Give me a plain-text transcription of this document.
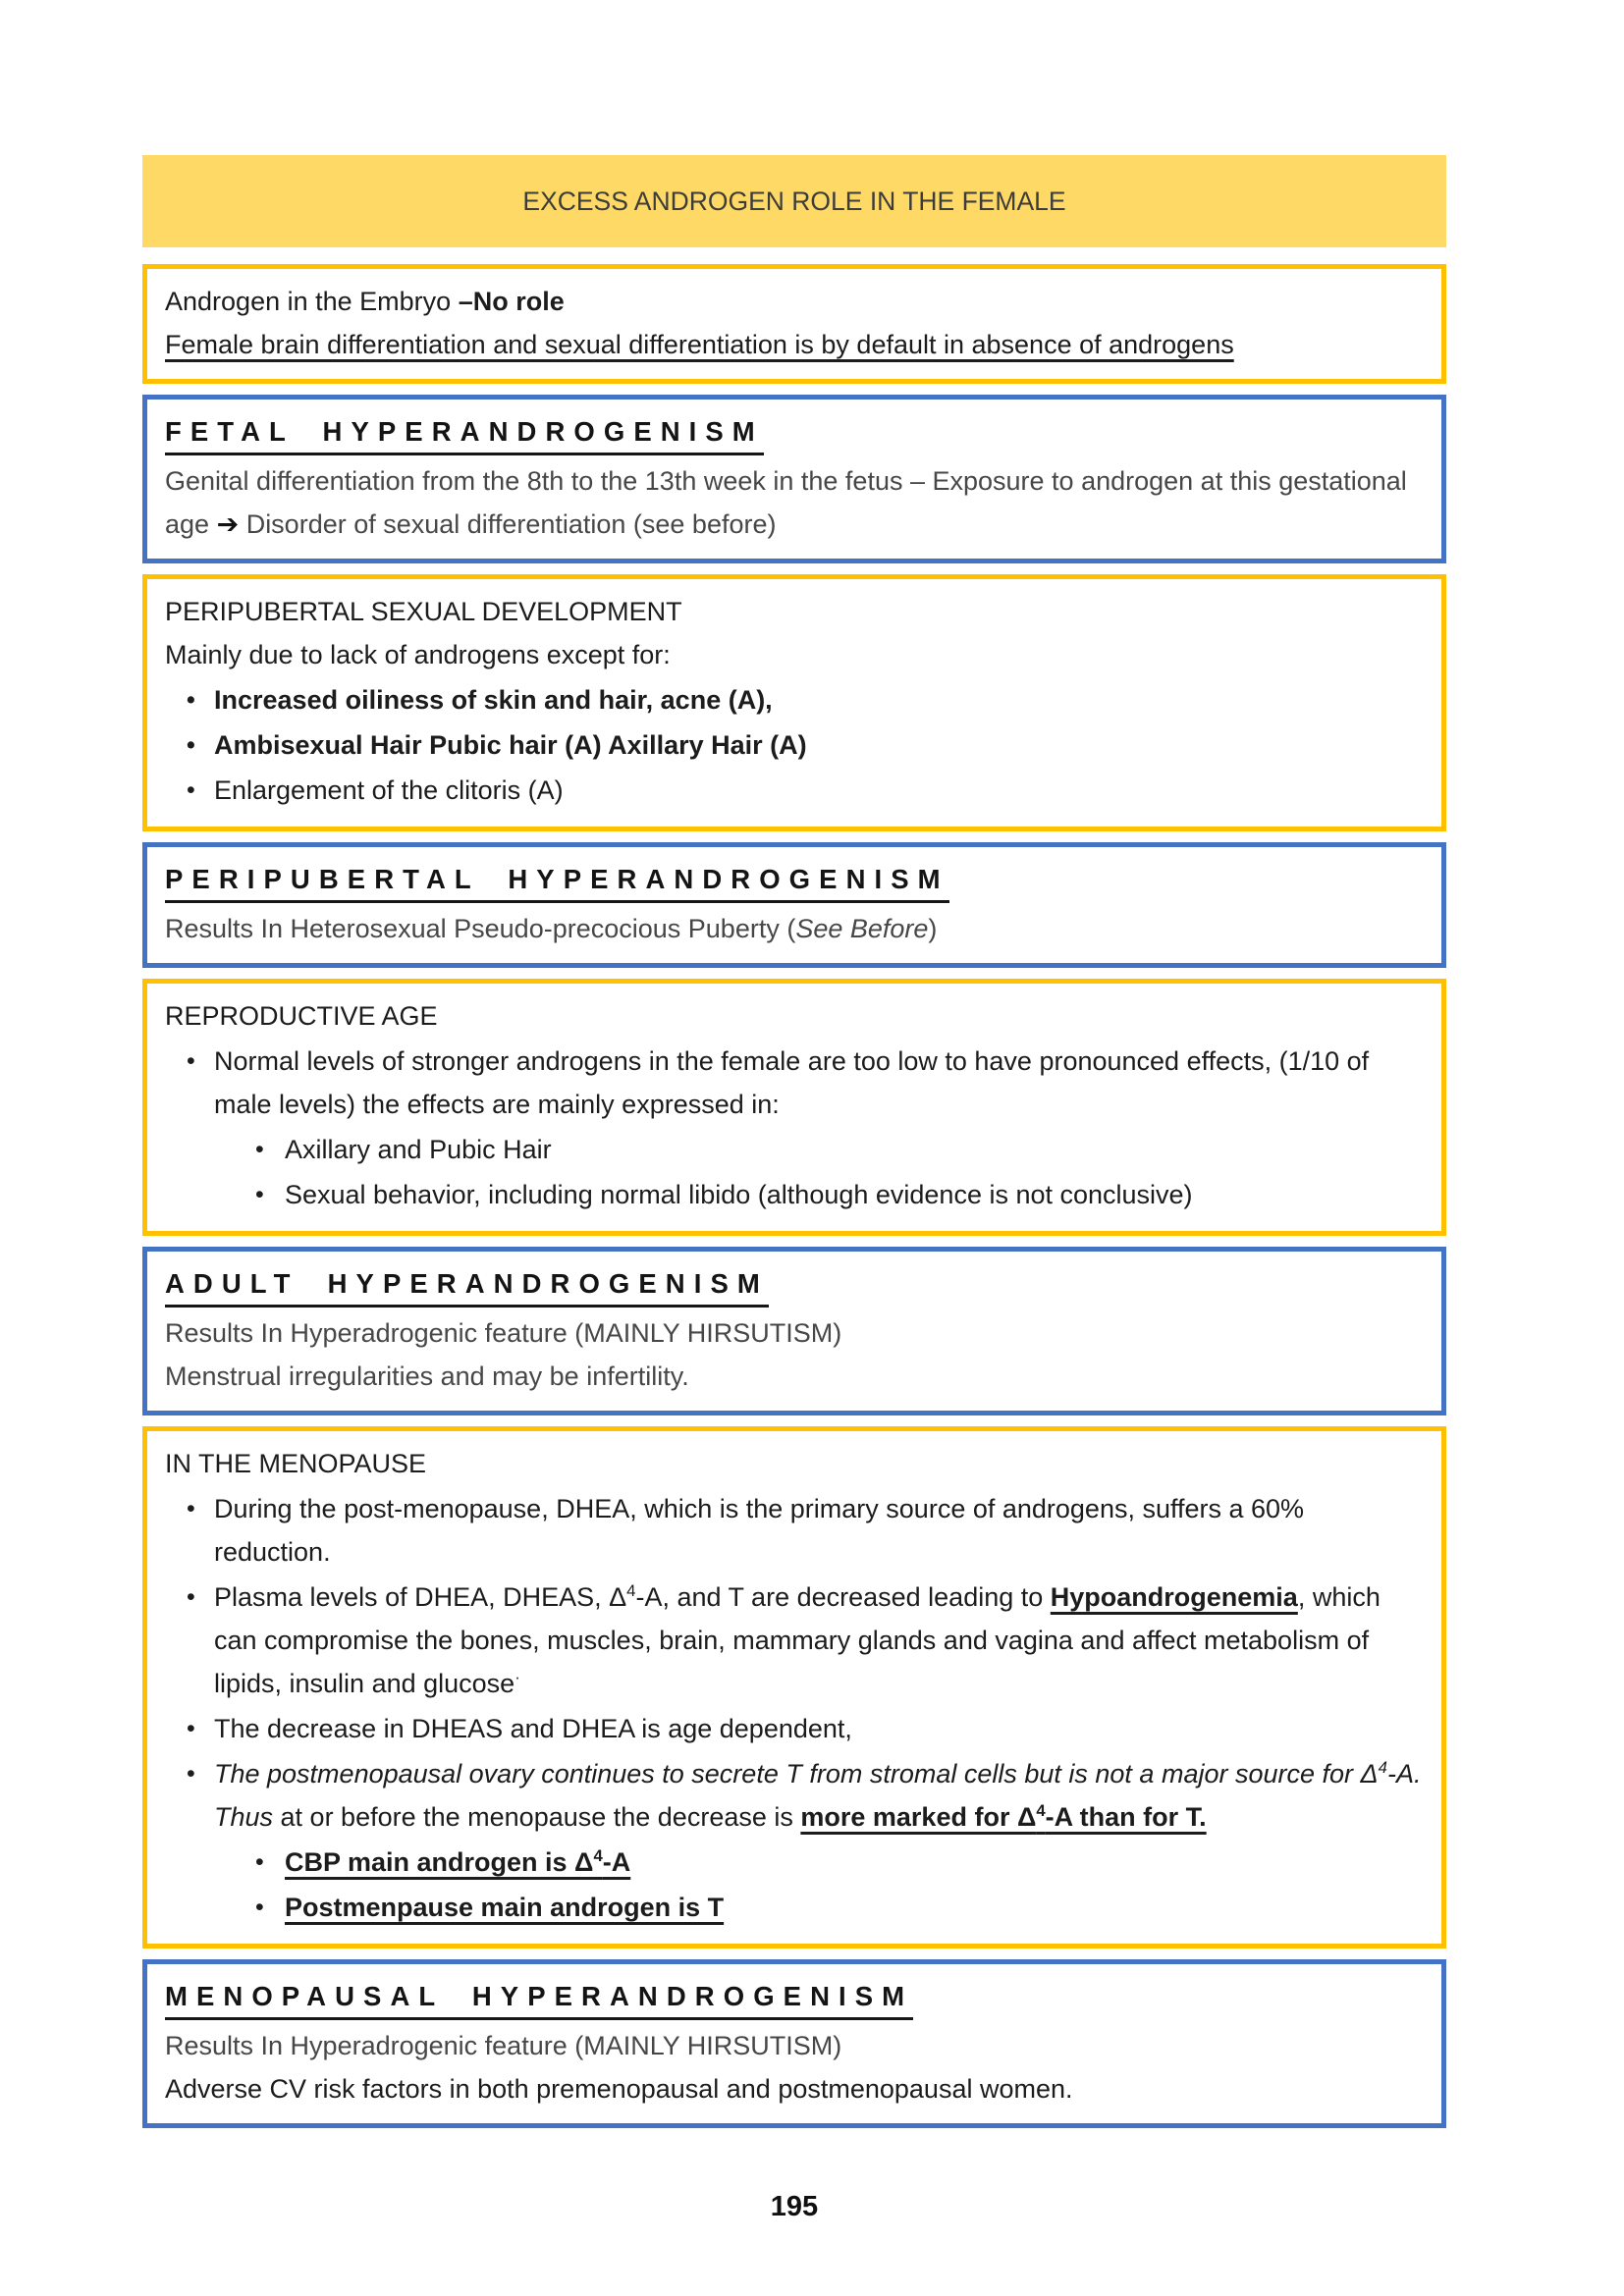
EXCESS ANDROGEN ROLE IN THE FEMALE
Androgen in the Embryo –No role
Female brain differentiation and sexual differentiation is by default in absence of androgens
FETAL HYPERANDROGENISM
Genital differentiation from the 8th to the 13th week in the fetus – Exposure to androgen at this gestational age ➔ Disorder of sexual differentiation (see before)
PERIPUBERTAL SEXUAL DEVELOPMENT
Mainly due to lack of androgens except for:
• Increased oiliness of skin and hair, acne (A),
• Ambisexual Hair Pubic hair (A) Axillary Hair (A)
• Enlargement of the clitoris (A)
PERIPUBERTAL HYPERANDROGENISM
Results In Heterosexual Pseudo-precocious Puberty (See Before)
REPRODUCTIVE AGE
• Normal levels of stronger androgens in the female are too low to have pronounced effects, (1/10 of male levels) the effects are mainly expressed in:
• Axillary and Pubic Hair
• Sexual behavior, including normal libido (although evidence is not conclusive)
ADULT HYPERANDROGENISM
Results In Hyperadrogenic feature (MAINLY HIRSUTISM)
Menstrual irregularities and may be infertility.
IN THE MENOPAUSE
• During the post-menopause, DHEA, which is the primary source of androgens, suffers a 60% reduction.
• Plasma levels of DHEA, DHEAS, $\Delta^4-A$, and T are decreased leading to Hypoandrogenemia, which can compromise the bones, muscles, brain, mammary glands and vagina and affect metabolism of lipids, insulin and glucose·
• The decrease in DHEAS and DHEA is age dependent,
• The postmenopausal ovary continues to secrete T from stromal cells but is not a major source for $\Delta^4-A$. Thus at or before the menopause the decrease is more marked for $\Delta^4-A$ than for T.
• CBP main androgen is $\Delta^4-A$
• Postmenpause main androgen is T
MENOPAUSAL HYPERANDROGENISM
Results In Hyperadrogenic feature (MAINLY HIRSUTISM)
Adverse CV risk factors in both premenopausal and postmenopausal women.
195
